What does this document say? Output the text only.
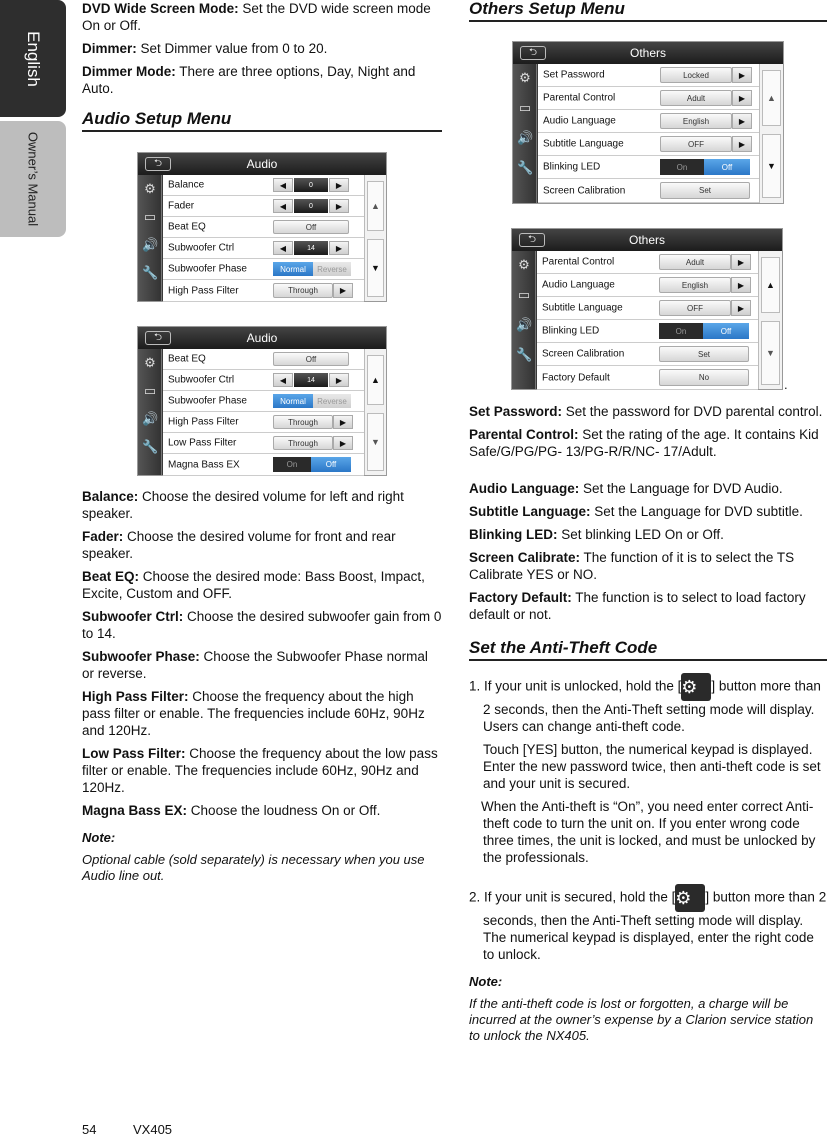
English
Owner’s Manual

DVD Wide Screen Mode: Set the DVD wide screen mode On or Off.

Dimmer: Set Dimmer value from 0 to 20.

Dimmer Mode: There are three options, Day, Night and Auto.

Audio Setup Menu
⮌	Audio
⚙
▭
🔊
🔧
Balance	◀	0	▶
Fader	◀	0	▶
Beat EQ	Off
Subwoofer Ctrl	◀	14	▶
Subwoofer Phase	Normal	Reverse
High Pass Filter	Through	▶
▲
▼
⮌	Audio
⚙
▭
🔊
🔧
Beat EQ	Off
Subwoofer Ctrl	◀	14	▶
Subwoofer Phase	Normal	Reverse
High Pass Filter	Through	▶
Low Pass Filter	Through	▶
Magna Bass EX	On	Off
▲
▼

Balance: Choose the desired volume for left and right speaker.

Fader: Choose the desired volume for front and rear speaker.

Beat EQ: Choose the desired mode: Bass Boost, Impact, Excite, Custom and OFF.

Subwoofer Ctrl: Choose the desired subwoofer gain from 0 to 14.

Subwoofer Phase: Choose the Subwoofer Phase normal or reverse.

High Pass Filter: Choose the frequency about the high pass filter or enable. The frequencies include 60Hz, 90Hz and 120Hz.

Low Pass Filter: Choose the frequency about the low pass filter or enable. The frequencies include 60Hz, 90Hz and 120Hz.

Magna Bass EX: Choose the loudness On or Off.

Note:
Optional cable (sold separately) is necessary when you use Audio line out.
Others Setup Menu
⮌	Others
⚙
▭
🔊
🔧
Set Password	Locked	▶
Parental Control	Adult	▶
Audio Language	English	▶
Subtitle Language	OFF	▶
Blinking LED	On	Off
Screen Calibration	Set
▲
▼
⮌	Others
⚙
▭
🔊
🔧
Parental Control	Adult	▶
Audio Language	English	▶
Subtitle Language	OFF	▶
Blinking LED	On	Off
Screen Calibration	Set
Factory Default	No
▲
▼
.

Set Password: Set the password for DVD parental control.

Parental Control: Set the rating of the age. It contains Kid Safe/G/PG/PG- 13/PG-R/R/NC- 17/Adult.

Audio Language: Set the Language for DVD Audio.

Subtitle Language: Set the Language for DVD subtitle.

Blinking LED: Set blinking LED On or Off.

Screen Calibrate: The function of it is to select the TS Calibrate YES or NO.

Factory Default: The function is to select to load factory default or not.

Set the Anti-Theft Code

1. If your unit is unlocked, hold the [⚙ ] button more than 2 seconds, then the Anti-Theft setting mode will display. Users can change anti-theft code.

Touch [YES] button, the numerical keypad is displayed. Enter the new password twice, then anti-theft code is set and your unit is secured.

When the Anti-theft is “On”, you need enter correct Anti-theft code to turn the unit on. If you enter wrong code three times, the unit is locked, and must be unlocked by the professionals.

2. If your unit is secured, hold the [⚙ ] button more than 2 seconds, then the Anti-Theft setting mode will display. The numerical keypad is displayed, enter the right code to unlock.

Note:
If the anti-theft code is lost or forgotten, a charge will be incurred at the owner’s expense by a Clarion service station to unlock the NX405.
54	VX405
